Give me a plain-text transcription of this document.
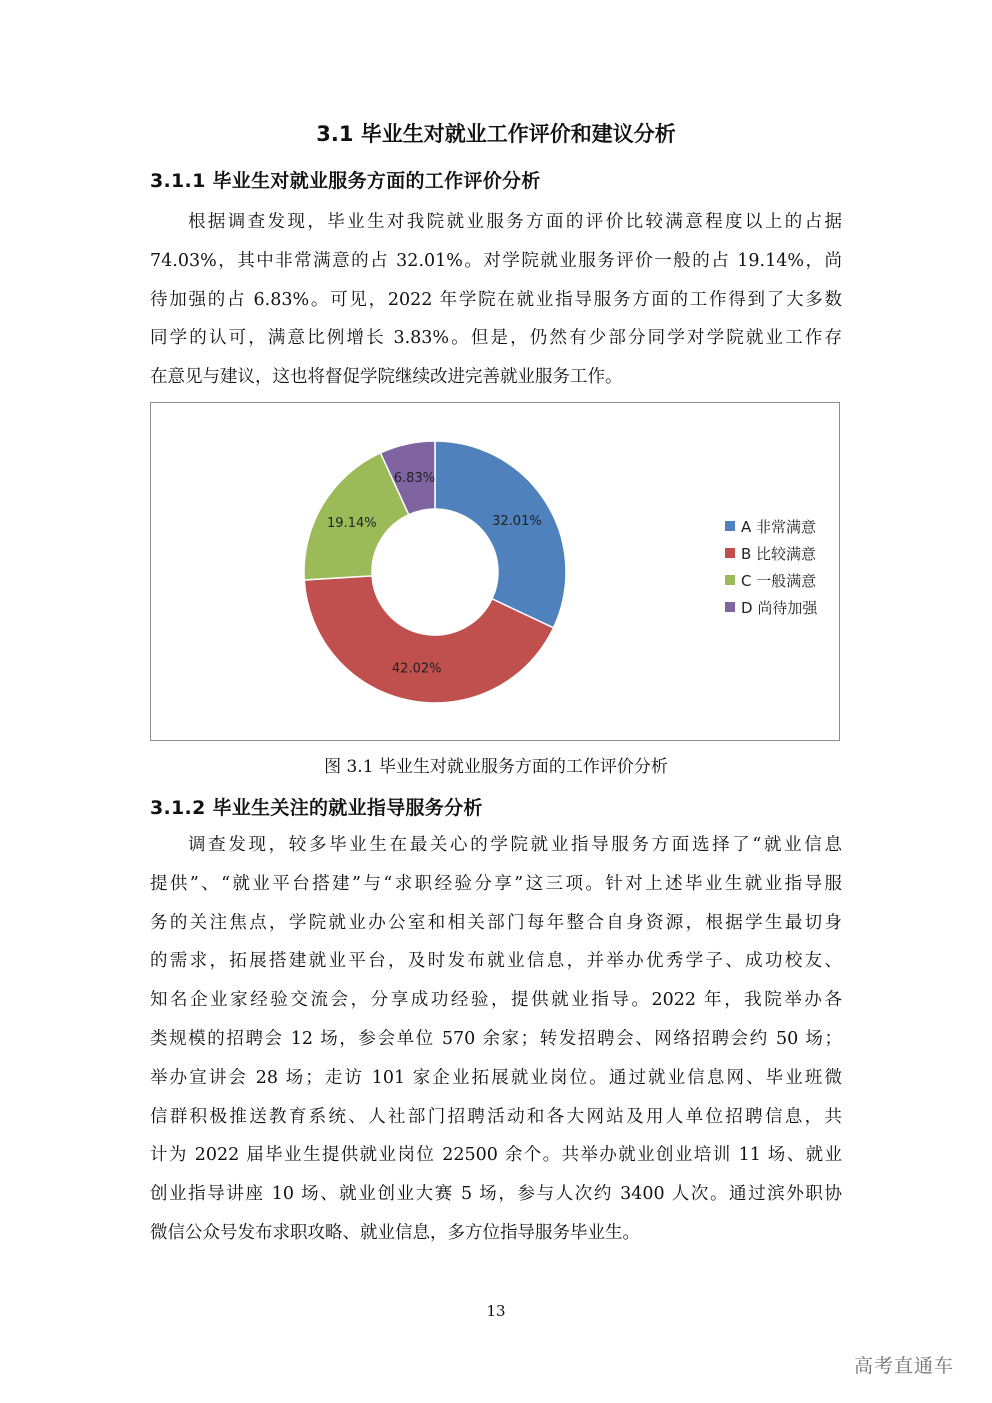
3.1 毕业生对就业工作评价和建议分析
3.1.1 毕业生对就业服务方面的工作评价分析
根据调查发现，毕业生对我院就业服务方面的评价比较满意程度以上的占据
74.03%，其中非常满意的占 32.01%。对学院就业服务评价一般的占 19.14%，尚
待加强的占 6.83%。可见，2022 年学院在就业指导服务方面的工作得到了大多数
同学的认可，满意比例增长 3.83%。但是，仍然有少部分同学对学院就业工作存
在意见与建议，这也将督促学院继续改进完善就业服务工作。
32.01%
42.02%
19.14%
6.83%
A 非常满意
B 比较满意
C 一般满意
D 尚待加强
图 3.1 毕业生对就业服务方面的工作评价分析
3.1.2 毕业生关注的就业指导服务分析
调查发现，较多毕业生在最关心的学院就业指导服务方面选择了“就业信息
提供”、“就业平台搭建”与“求职经验分享”这三项。针对上述毕业生就业指导服
务的关注焦点，学院就业办公室和相关部门每年整合自身资源，根据学生最切身
的需求，拓展搭建就业平台，及时发布就业信息，并举办优秀学子、成功校友、
知名企业家经验交流会，分享成功经验，提供就业指导。2022 年，我院举办各
类规模的招聘会 12 场，参会单位 570 余家；转发招聘会、网络招聘会约 50 场；
举办宣讲会 28 场；走访 101 家企业拓展就业岗位。通过就业信息网、毕业班微
信群积极推送教育系统、人社部门招聘活动和各大网站及用人单位招聘信息，共
计为 2022 届毕业生提供就业岗位 22500 余个。共举办就业创业培训 11 场、就业
创业指导讲座 10 场、就业创业大赛 5 场，参与人次约 3400 人次。通过滨外职协
微信公众号发布求职攻略、就业信息，多方位指导服务毕业生。
13
高考直通车
